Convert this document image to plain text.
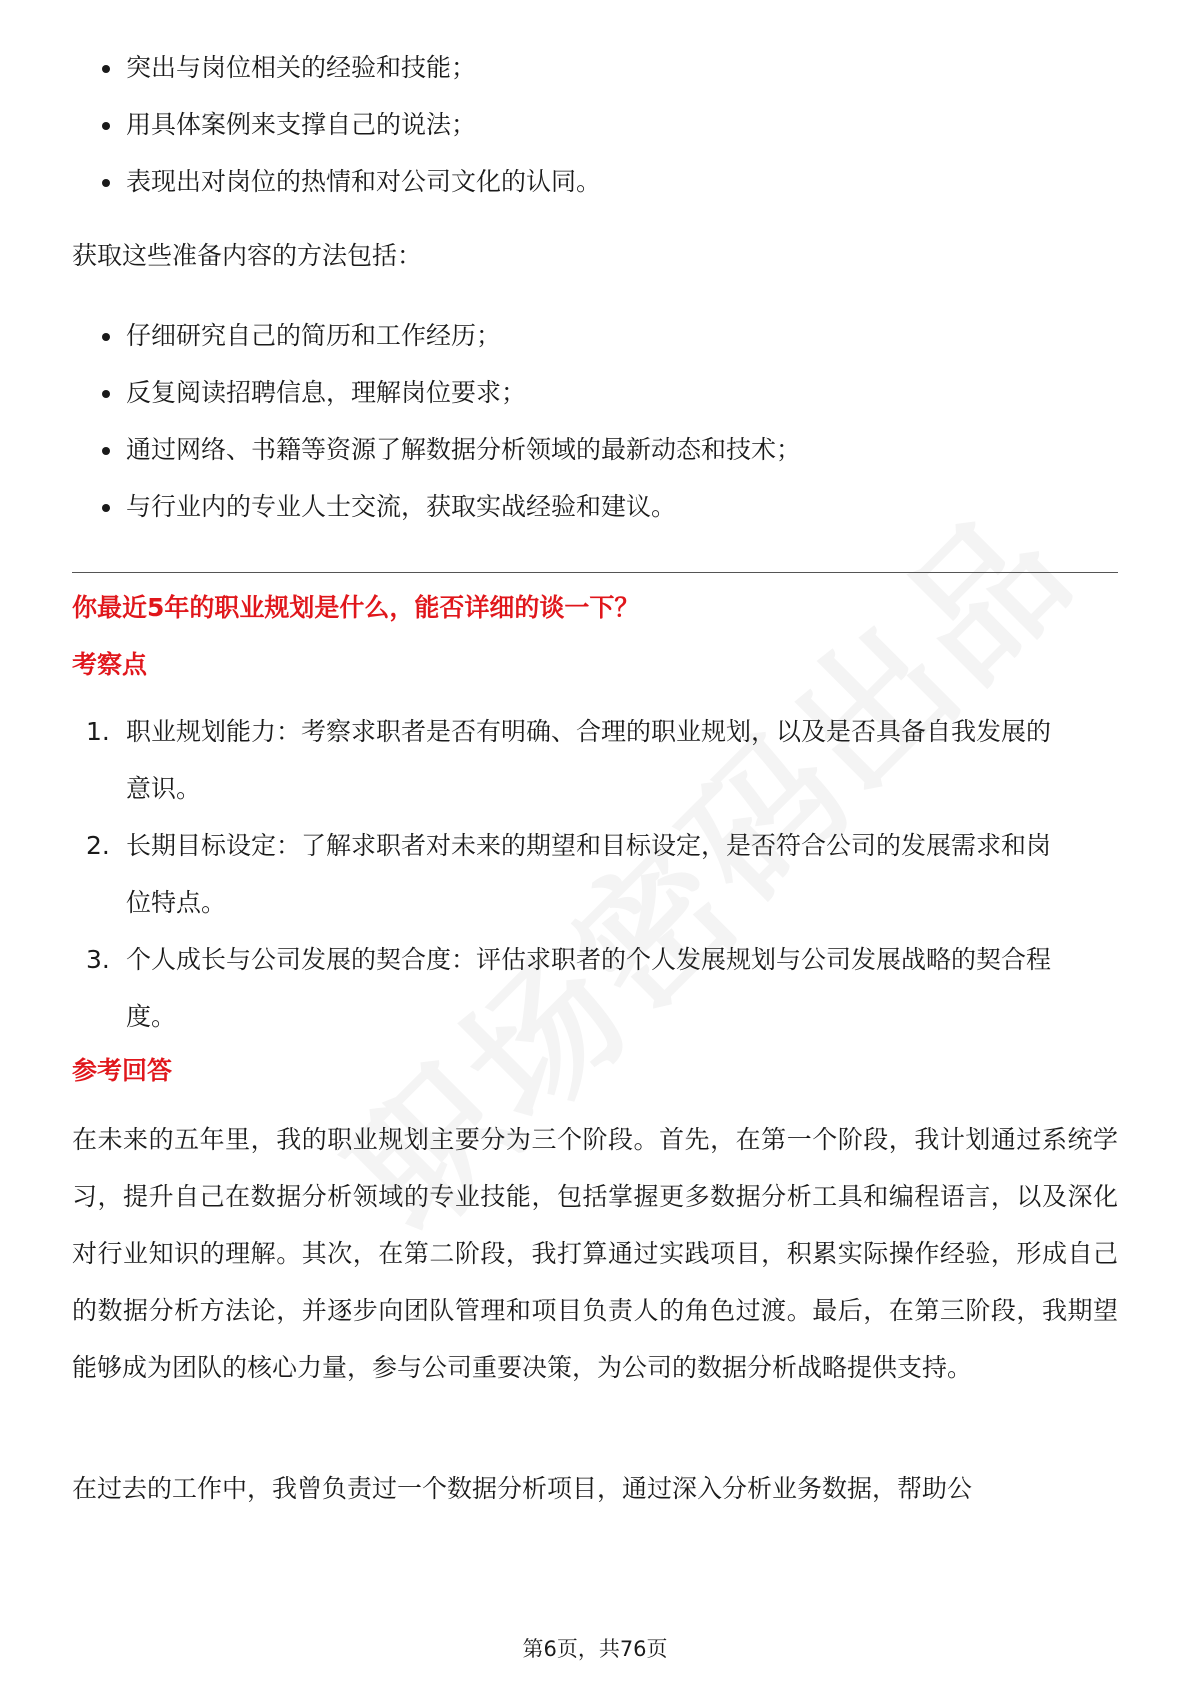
突出与岗位相关的经验和技能；
用具体案例来支撑自己的说法；
表现出对岗位的热情和对公司文化的认同。

获取这些准备内容的方法包括：

仔细研究自己的简历和工作经历；
反复阅读招聘信息，理解岗位要求；
通过网络、书籍等资源了解数据分析领域的最新动态和技术；
与行业内的专业人士交流，获取实战经验和建议。

你最近5年的职业规划是什么，能否详细的谈一下？

考察点

1. 职业规划能力：考察求职者是否有明确、合理的职业规划，以及是否具备自我发展的意识。
2. 长期目标设定：了解求职者对未来的期望和目标设定，是否符合公司的发展需求和岗位特点。
3. 个人成长与公司发展的契合度：评估求职者的个人发展规划与公司发展战略的契合程度。

参考回答

在未来的五年里，我的职业规划主要分为三个阶段。首先，在第一个阶段，我计划通过系统学习，提升自己在数据分析领域的专业技能，包括掌握更多数据分析工具和编程语言，以及深化对行业知识的理解。其次，在第二阶段，我打算通过实践项目，积累实际操作经验，形成自己的数据分析方法论，并逐步向团队管理和项目负责人的角色过渡。最后，在第三阶段，我期望能够成为团队的核心力量，参与公司重要决策，为公司的数据分析战略提供支持。

在过去的工作中，我曾负责过一个数据分析项目，通过深入分析业务数据，帮助公

第6页，共76页
